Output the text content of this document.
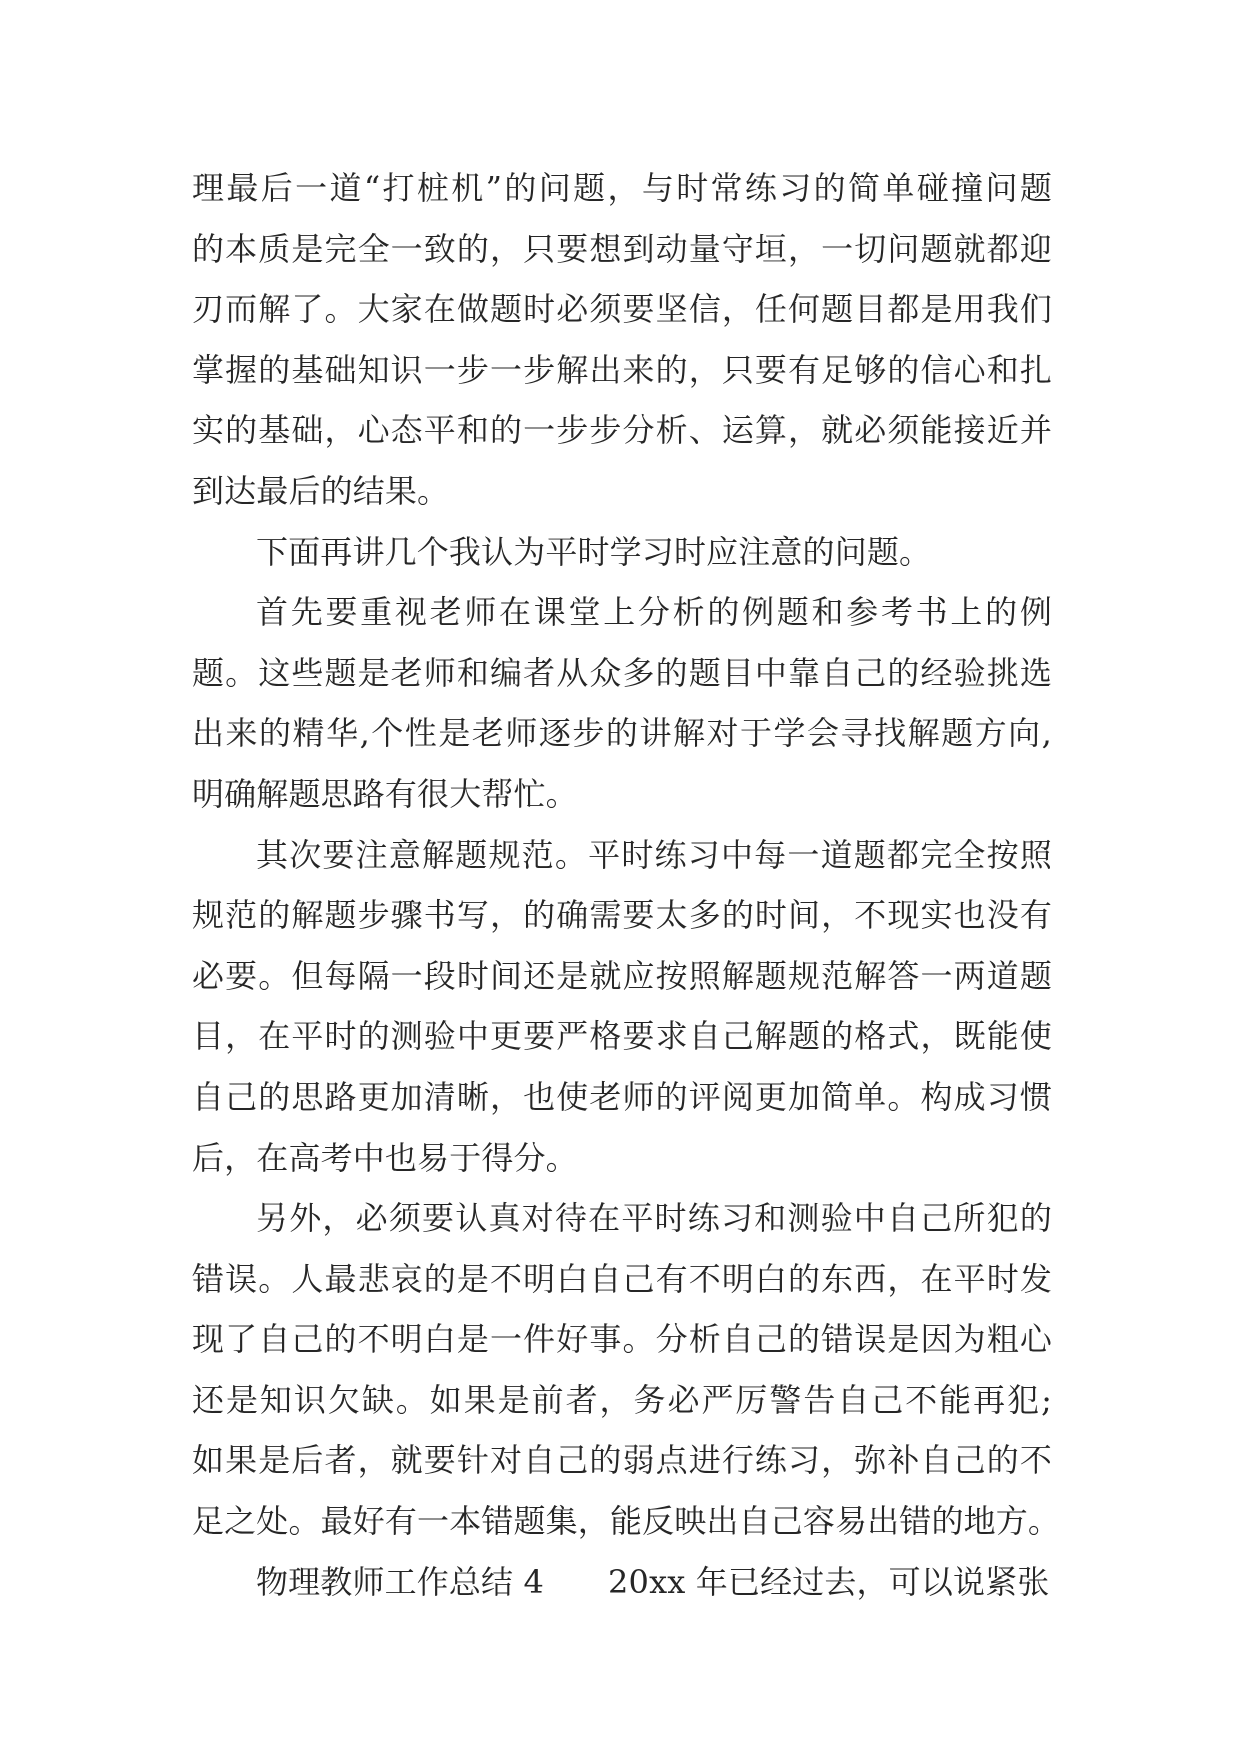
理最后一道“打桩机”的问题，与时常练习的简单碰撞问题
的本质是完全一致的，只要想到动量守垣，一切问题就都迎
刃而解了。大家在做题时必须要坚信，任何题目都是用我们
掌握的基础知识一步一步解出来的，只要有足够的信心和扎
实的基础，心态平和的一步步分析、运算，就必须能接近并
到达最后的结果。
下面再讲几个我认为平时学习时应注意的问题。
首先要重视老师在课堂上分析的例题和参考书上的例
题。这些题是老师和编者从众多的题目中靠自己的经验挑选
出来的精华,个性是老师逐步的讲解对于学会寻找解题方向,
明确解题思路有很大帮忙。
其次要注意解题规范。平时练习中每一道题都完全按照
规范的解题步骤书写，的确需要太多的时间，不现实也没有
必要。但每隔一段时间还是就应按照解题规范解答一两道题
目，在平时的测验中更要严格要求自己解题的格式，既能使
自己的思路更加清晰，也使老师的评阅更加简单。构成习惯
后，在高考中也易于得分。
另外，必须要认真对待在平时练习和测验中自己所犯的
错误。人最悲哀的是不明白自己有不明白的东西，在平时发
现了自己的不明白是一件好事。分析自己的错误是因为粗心
还是知识欠缺。如果是前者，务必严厉警告自己不能再犯;
如果是后者，就要针对自己的弱点进行练习，弥补自己的不
足之处。最好有一本错题集，能反映出自己容易出错的地方。
物理教师工作总结 4 20xx 年已经过去，可以说紧张
